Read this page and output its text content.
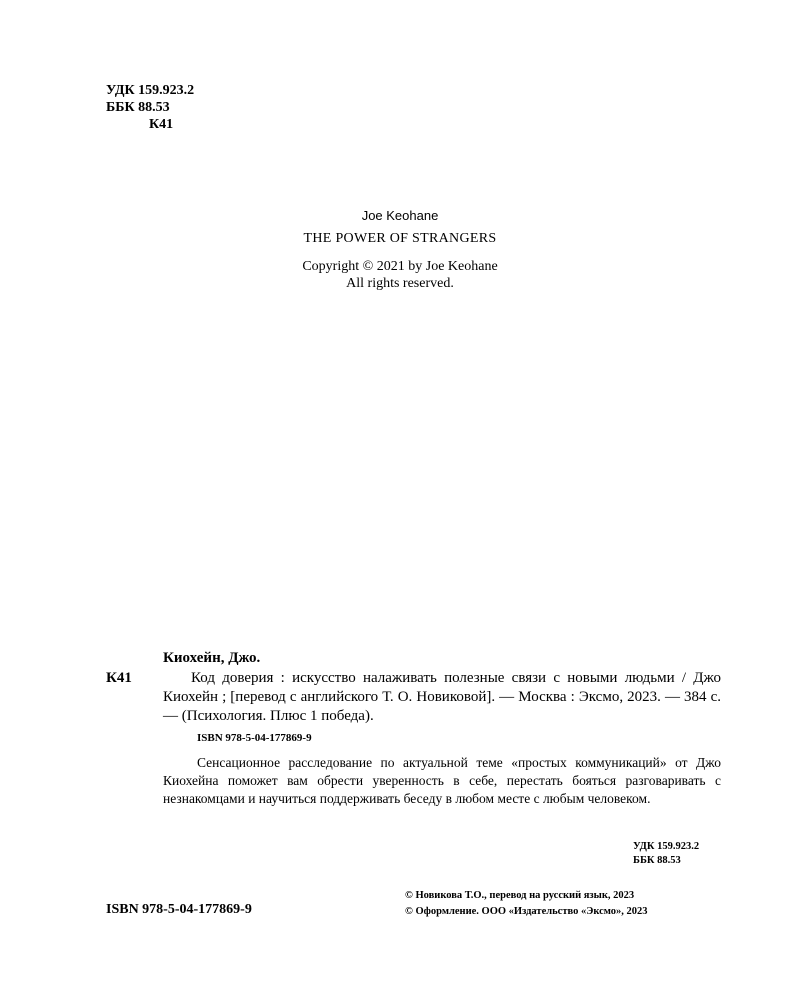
УДК 159.923.2
ББК 88.53
К41
Joe Keohane
THE POWER OF STRANGERS
Copyright © 2021 by Joe Keohane
All rights reserved.
К41
Киохейн, Джо.
Код доверия : искусство налаживать полезные связи с новыми людьми / Джо Киохейн ; [перевод с английского Т. О. Новиковой]. — Москва : Эксмо, 2023. — 384 с. — (Психология. Плюс 1 победа).
ISBN 978-5-04-177869-9
Сенсационное расследование по актуальной теме «простых коммуникаций» от Джо Киохейна поможет вам обрести уверенность в себе, перестать бояться разговаривать с незнакомцами и научиться поддерживать беседу в любом месте с любым человеком.
УДК 159.923.2
ББК 88.53
ISBN 978-5-04-177869-9
© Новикова Т.О., перевод на русский язык, 2023
© Оформление. ООО «Издательство «Эксмо», 2023
